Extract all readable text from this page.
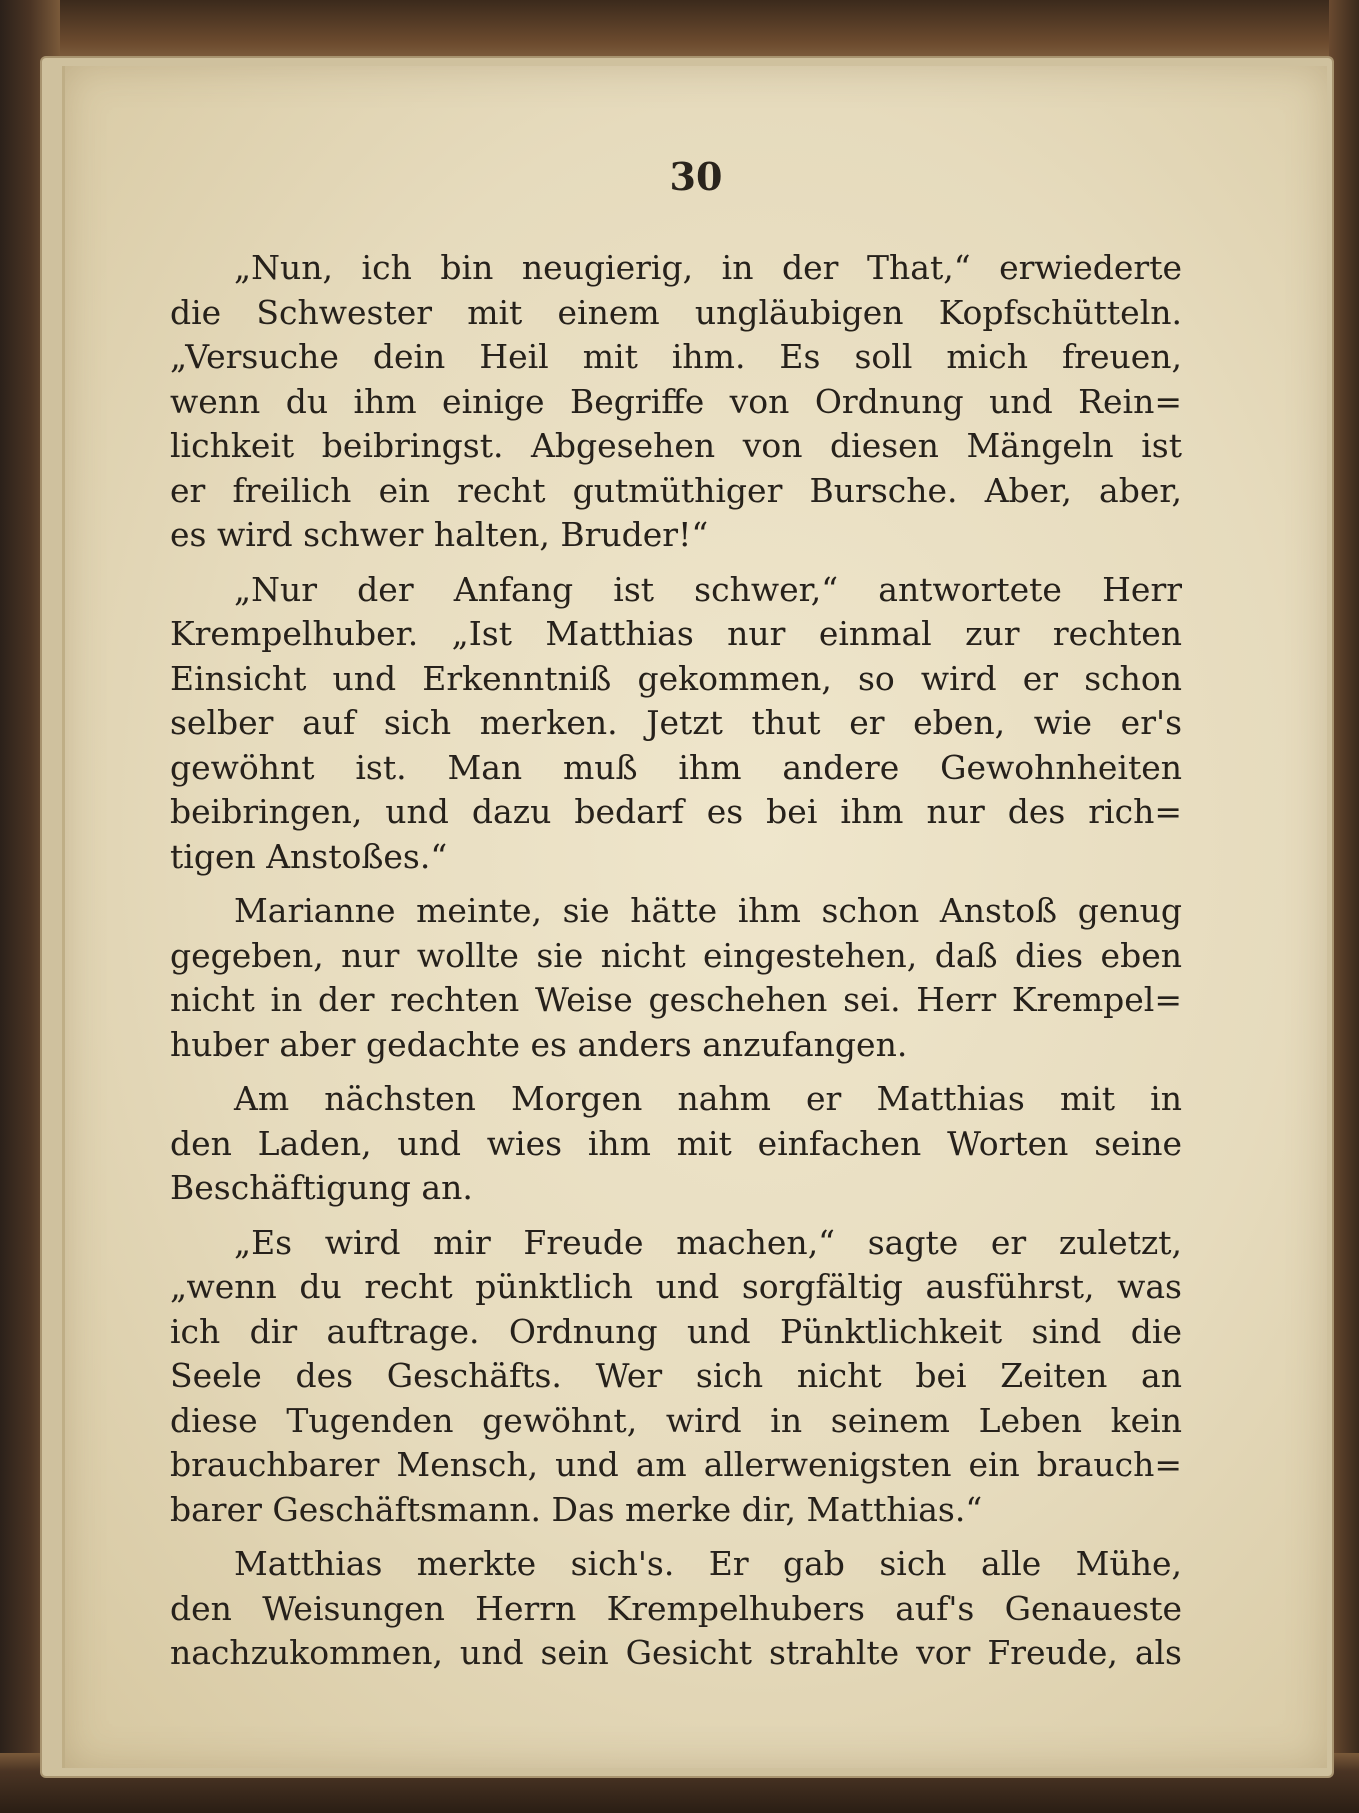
30
„Nun, ich bin neugierig, in der That,“ erwiederte
die Schwester mit einem ungläubigen Kopfschütteln.
„Versuche dein Heil mit ihm. Es soll mich freuen,
wenn du ihm einige Begriffe von Ordnung und Rein=
lichkeit beibringst. Abgesehen von diesen Mängeln ist
er freilich ein recht gutmüthiger Bursche. Aber, aber,
es wird schwer halten, Bruder!“
„Nur der Anfang ist schwer,“ antwortete Herr
Krempelhuber. „Ist Matthias nur einmal zur rechten
Einsicht und Erkenntniß gekommen, so wird er schon
selber auf sich merken. Jetzt thut er eben, wie er's
gewöhnt ist. Man muß ihm andere Gewohnheiten
beibringen, und dazu bedarf es bei ihm nur des rich=
tigen Anstoßes.“
Marianne meinte, sie hätte ihm schon Anstoß genug
gegeben, nur wollte sie nicht eingestehen, daß dies eben
nicht in der rechten Weise geschehen sei. Herr Krempel=
huber aber gedachte es anders anzufangen.
Am nächsten Morgen nahm er Matthias mit in
den Laden, und wies ihm mit einfachen Worten seine
Beschäftigung an.
„Es wird mir Freude machen,“ sagte er zuletzt,
„wenn du recht pünktlich und sorgfältig ausführst, was
ich dir auftrage. Ordnung und Pünktlichkeit sind die
Seele des Geschäfts. Wer sich nicht bei Zeiten an
diese Tugenden gewöhnt, wird in seinem Leben kein
brauchbarer Mensch, und am allerwenigsten ein brauch=
barer Geschäftsmann. Das merke dir, Matthias.“
Matthias merkte sich's. Er gab sich alle Mühe,
den Weisungen Herrn Krempelhubers auf's Genaueste
nachzukommen, und sein Gesicht strahlte vor Freude, als
